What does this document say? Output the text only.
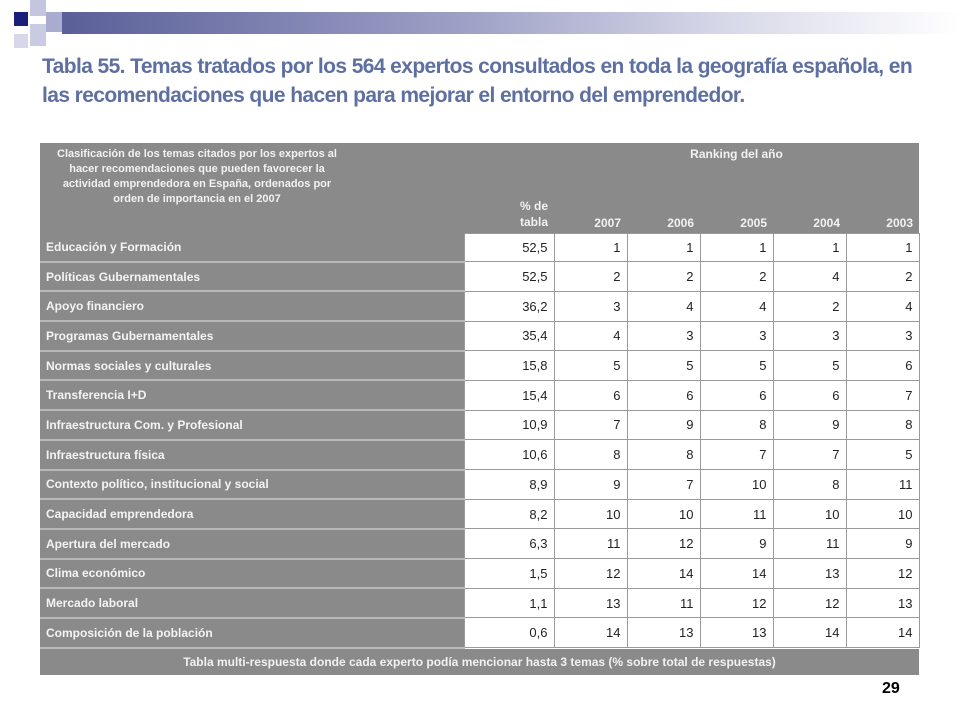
Tabla 55. Temas tratados por los 564 expertos consultados en toda la geografía española, en las recomendaciones que hacen para mejorar el entorno del emprendedor.
Clasificación de los temas citados por los expertos al hacer recomendaciones que pueden favorecer la actividad emprendedora en España, ordenados por orden de importancia en el 2007	% de tabla	Ranking del año				
		2007	2006	2005	2004	2003
Educación y Formación	52,5	1	1	1	1	1
Políticas Gubernamentales	52,5	2	2	2	4	2
Apoyo financiero	36,2	3	4	4	2	4
Programas Gubernamentales	35,4	4	3	3	3	3
Normas sociales y culturales	15,8	5	5	5	5	6
Transferencia I+D	15,4	6	6	6	6	7
Infraestructura Com. y Profesional	10,9	7	9	8	9	8
Infraestructura física	10,6	8	8	7	7	5
Contexto político, institucional y social	8,9	9	7	10	8	11
Capacidad emprendedora	8,2	10	10	11	10	10
Apertura del mercado	6,3	11	12	9	11	9
Clima económico	1,5	12	14	14	13	12
Mercado laboral	1,1	13	11	12	12	13
Composición de la población	0,6	14	13	13	14	14
Tabla multi-respuesta donde cada experto podía mencionar hasta 3 temas (% sobre total de respuestas)						
29
